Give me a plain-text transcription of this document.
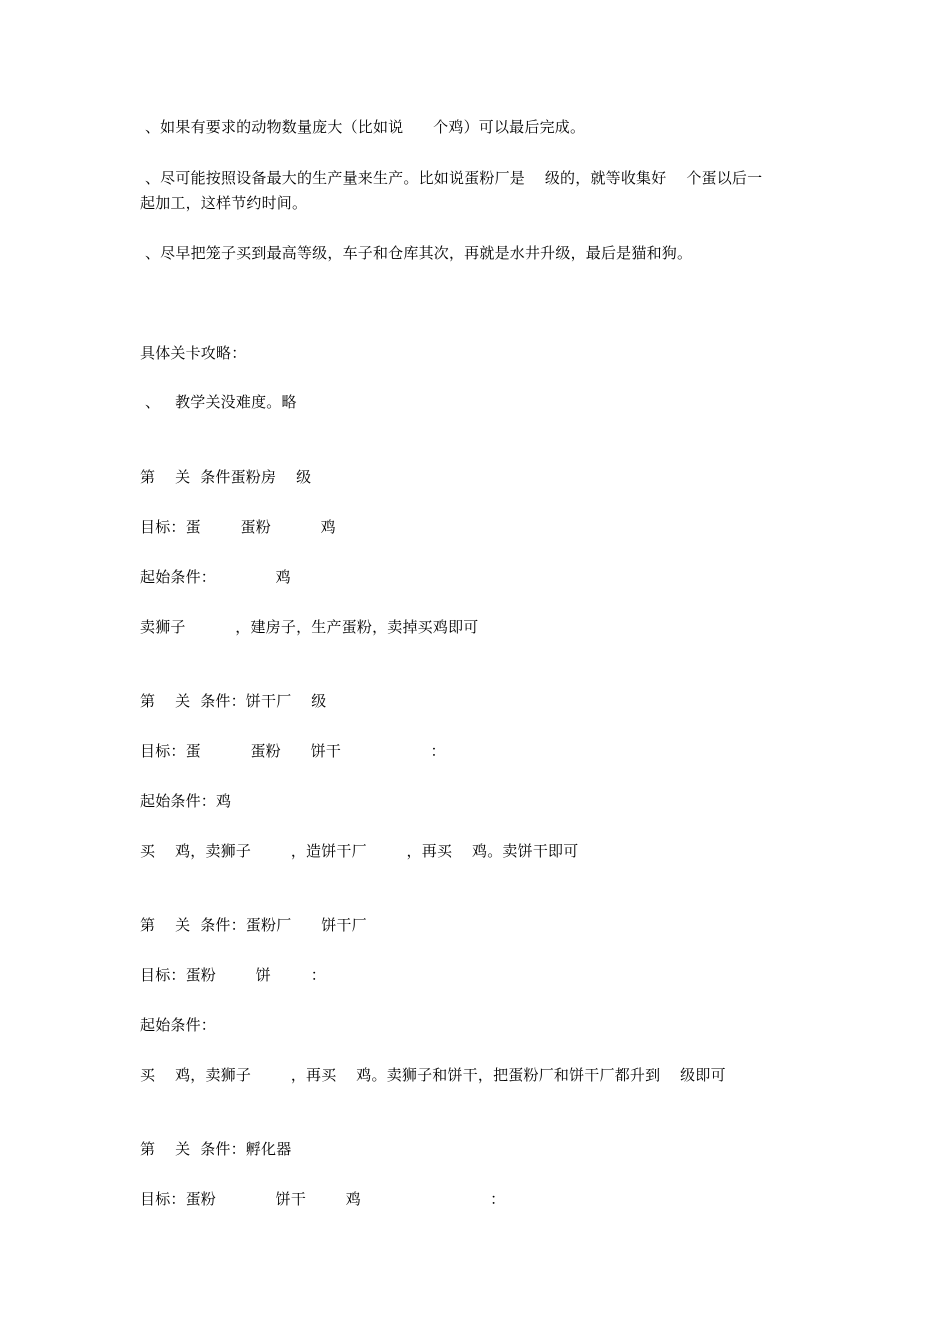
、如果有要求的动物数量庞大（比如说      个鸡）可以最后完成。
、尽可能按照设备最大的生产量来生产。比如说蛋粉厂是    级的，就等收集好    个蛋以后一
起加工，这样节约时间。
、尽早把笼子买到最高等级，车子和仓库其次，再就是水井升级，最后是猫和狗。
具体关卡攻略：
、   教学关没难度。略
第    关  条件蛋粉房    级
目标：蛋        蛋粉          鸡
起始条件：            鸡
卖狮子          ，建房子，生产蛋粉，卖掉买鸡即可
第    关  条件：饼干厂    级
目标：蛋          蛋粉      饼干                  ：
起始条件：鸡
买    鸡，卖狮子        ，造饼干厂        ，再买    鸡。卖饼干即可
第    关  条件：蛋粉厂      饼干厂
目标：蛋粉        饼        ：
起始条件：
买    鸡，卖狮子        ，再买    鸡。卖狮子和饼干，把蛋粉厂和饼干厂都升到    级即可
第    关  条件：孵化器
目标：蛋粉            饼干        鸡                          ：
